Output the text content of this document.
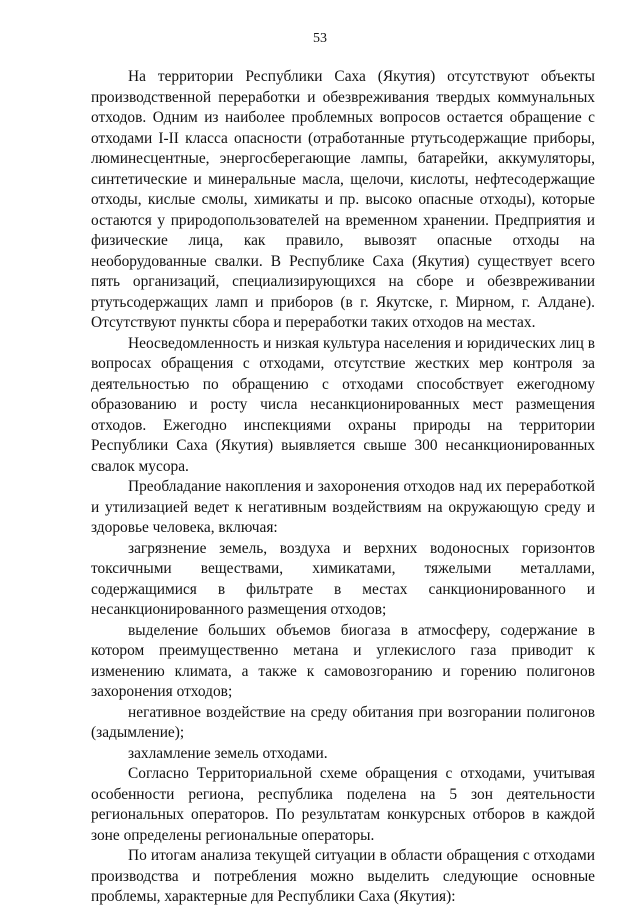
53

На территории Республики Саха (Якутия) отсутствуют объекты производственной переработки и обезвреживания твердых коммунальных отходов. Одним из наиболее проблемных вопросов остается обращение с отходами I-II класса опасности (отработанные ртутьсодержащие приборы, люминесцентные, энергосберегающие лампы, батарейки, аккумуляторы, синтетические и минеральные масла, щелочи, кислоты, нефтесодержащие отходы, кислые смолы, химикаты и пр. высоко опасные отходы), которые остаются у природопользователей на временном хранении. Предприятия и физические лица, как правило, вывозят опасные отходы на необорудованные свалки. В Республике Саха (Якутия) существует всего пять организаций, специализирующихся на сборе и обезвреживании ртутьсодержащих ламп и приборов (в г. Якутске, г. Мирном, г. Алдане). Отсутствуют пункты сбора и переработки таких отходов на местах.

Неосведомленность и низкая культура населения и юридических лиц в вопросах обращения с отходами, отсутствие жестких мер контроля за деятельностью по обращению с отходами способствует ежегодному образованию и росту числа несанкционированных мест размещения отходов. Ежегодно инспекциями охраны природы на территории Республики Саха (Якутия) выявляется свыше 300 несанкционированных свалок мусора.

Преобладание накопления и захоронения отходов над их переработкой и утилизацией ведет к негативным воздействиям на окружающую среду и здоровье человека, включая:

загрязнение земель, воздуха и верхних водоносных горизонтов токсичными веществами, химикатами, тяжелыми металлами, содержащимися в фильтрате в местах санкционированного и несанкционированного размещения отходов;

выделение больших объемов биогаза в атмосферу, содержание в котором преимущественно метана и углекислого газа приводит к изменению климата, а также к самовозгоранию и горению полигонов захоронения отходов;

негативное воздействие на среду обитания при возгорании полигонов (задымление);

захламление земель отходами.

Согласно Территориальной схеме обращения с отходами, учитывая особенности региона, республика поделена на 5 зон деятельности региональных операторов. По результатам конкурсных отборов в каждой зоне определены региональные операторы.

По итогам анализа текущей ситуации в области обращения с отходами производства и потребления можно выделить следующие основные проблемы, характерные для Республики Саха (Якутия):
